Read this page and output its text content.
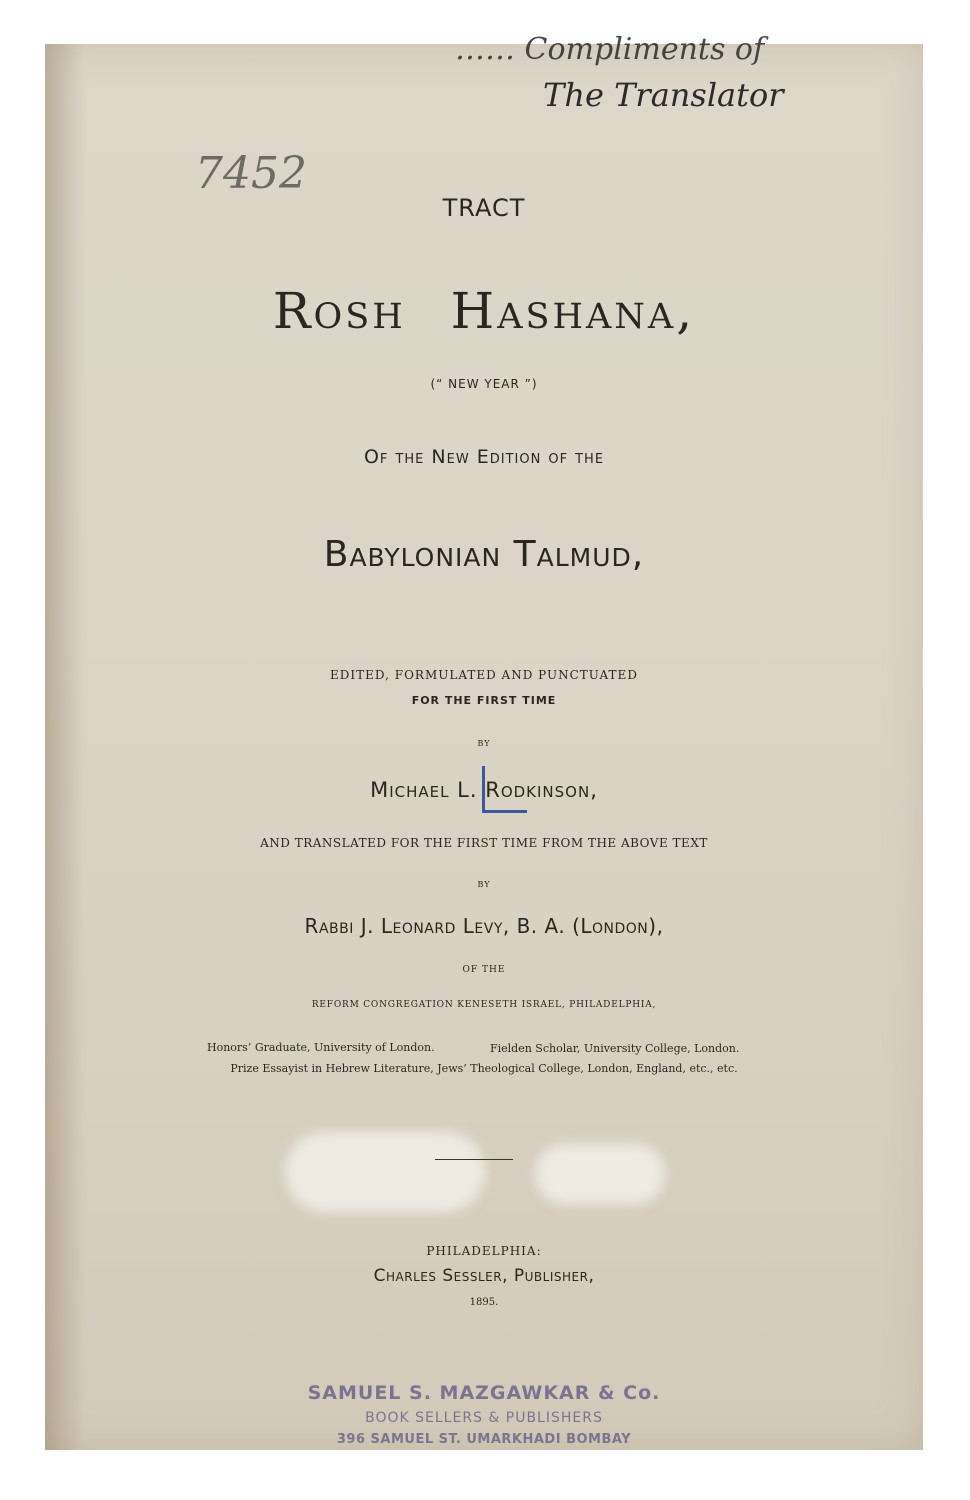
…… Compliments of
The Translator
7452
TRACT
Rosh Hashana,
(“ NEW YEAR ”)
Of the New Edition of the
Babylonian Talmud,
EDITED, FORMULATED AND PUNCTUATED
FOR THE FIRST TIME
BY
Michael L. Rodkinson,
AND TRANSLATED FOR THE FIRST TIME FROM THE ABOVE TEXT
BY
Rabbi J. Leonard Levy, B. A. (London),
OF THE
REFORM CONGREGATION KENESETH ISRAEL, PHILADELPHIA,
Honors’ Graduate, University of London.	Fielden Scholar, University College, London.
Prize Essayist in Hebrew Literature, Jews’ Theological College, London, England, etc., etc.
PHILADELPHIA:
Charles Sessler, Publisher,
1895.
SAMUEL S. MAZGAWKAR & Co.
BOOK SELLERS & PUBLISHERS
396 SAMUEL ST. UMARKHADI BOMBAY
